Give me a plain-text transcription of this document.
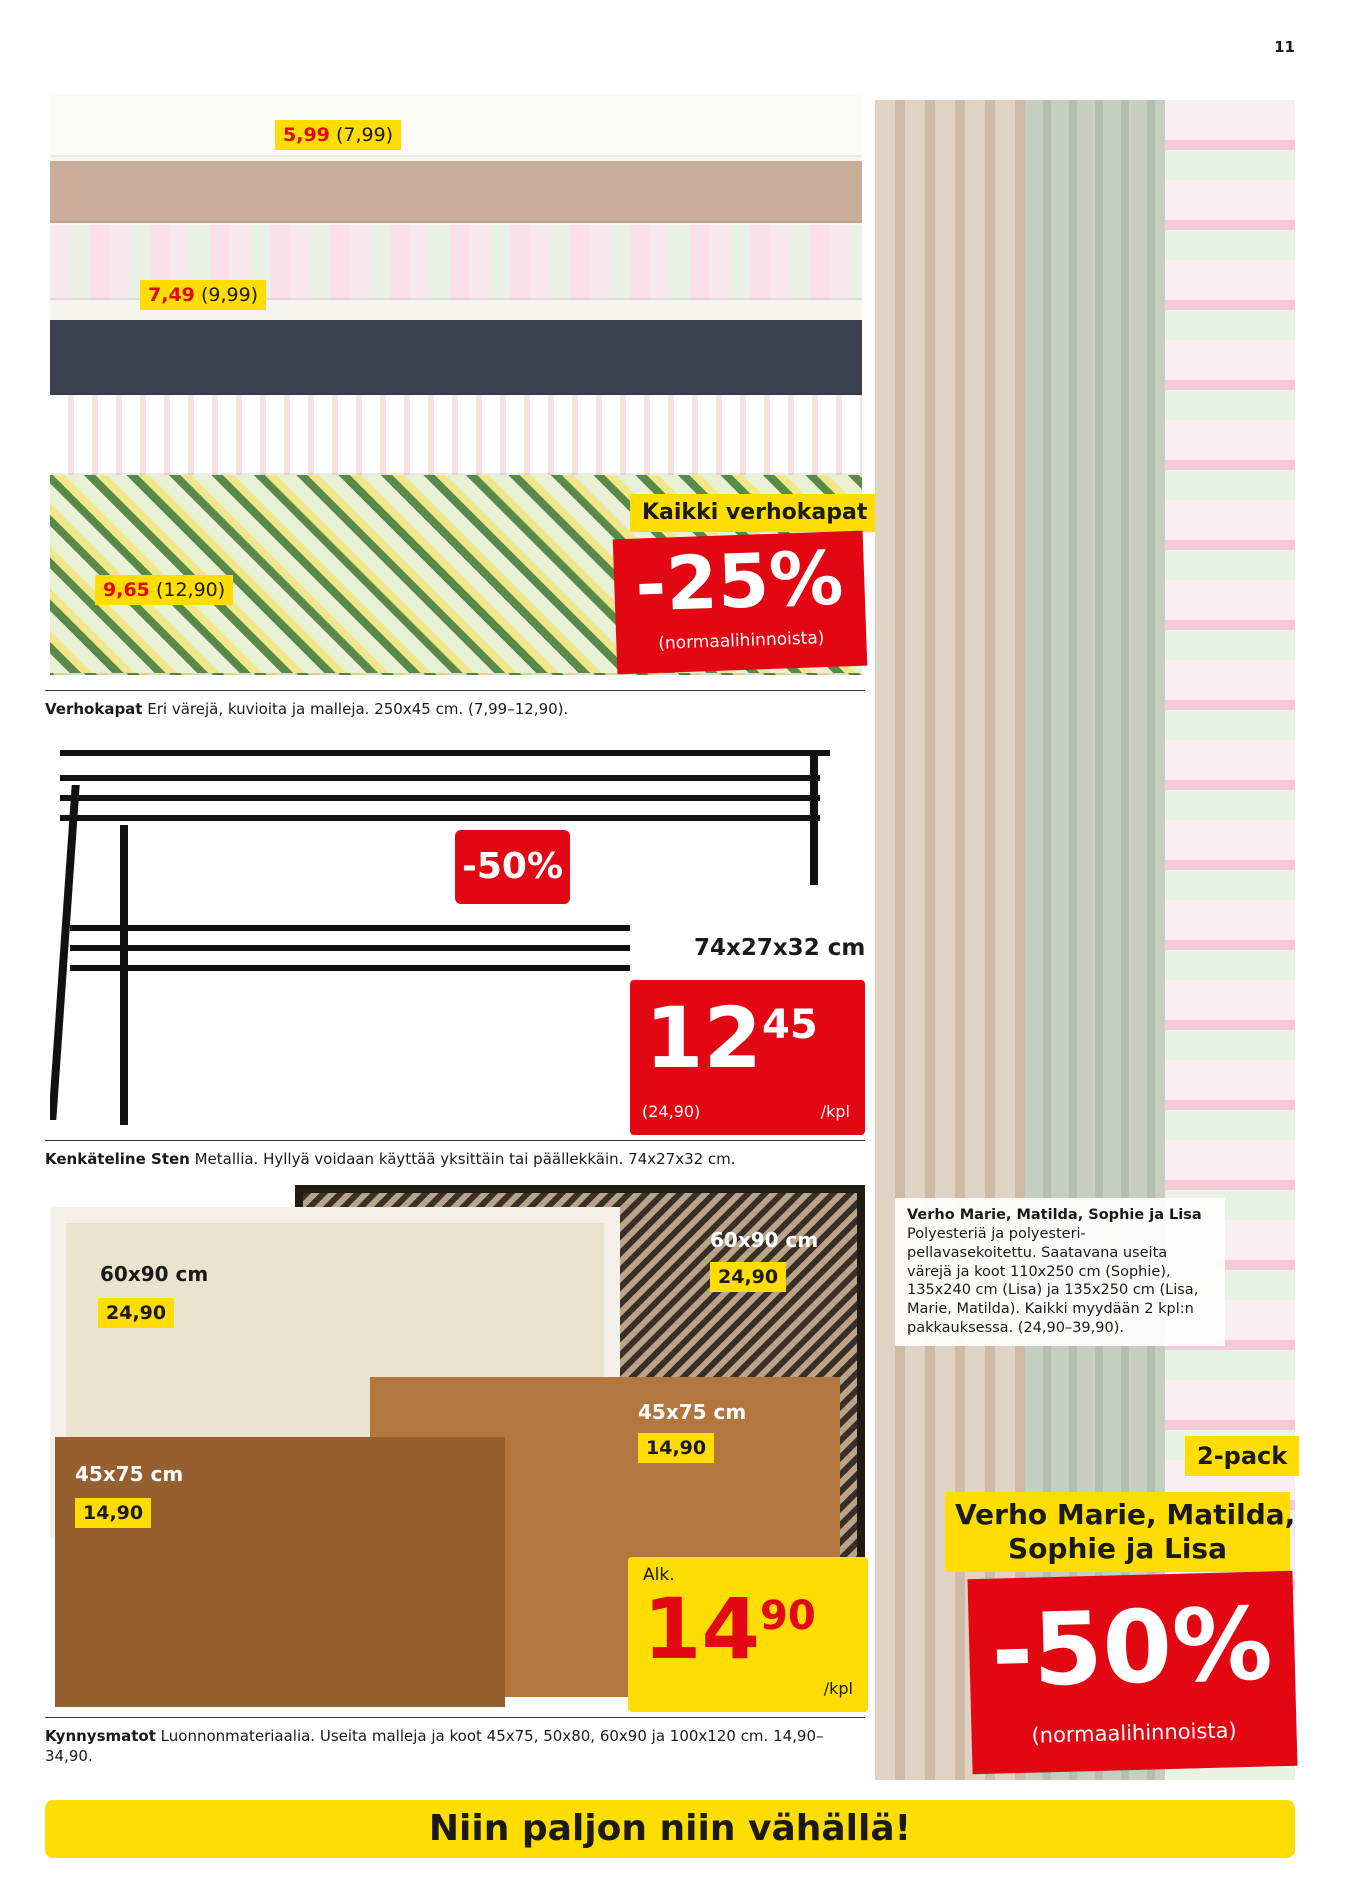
11
5,99 (7,99)
7,49 (9,99)
9,65 (12,90)
Kaikki verhokapat
-25%
(normaalihinnoista)
Verhokapat Eri värejä, kuvioita ja malleja. 250x45 cm. (7,99–12,90).
-50%
74x27x32 cm
12 45
(24,90)	/kpl
Kenkäteline Sten Metallia. Hyllyä voidaan käyttää yksittäin tai päällekkäin. 74x27x32 cm.
60x90 cm
24,90
60x90 cm
24,90
45x75 cm
14,90
45x75 cm
14,90
Alk.
14 90
/kpl
Kynnysmatot Luonnonmateriaalia. Useita malleja ja koot 45x75, 50x80, 60x90 ja 100x120 cm. 14,90–34,90.
Verho Marie, Matilda, Sophie ja Lisa Polyesteriä ja polyesteri-pellavasekoitettu. Saatavana useita värejä ja koot 110x250 cm (Sophie), 135x240 cm (Lisa) ja 135x250 cm (Lisa, Marie, Matilda). Kaikki myydään 2 kpl:n pakkauksessa. (24,90–39,90).
2-pack
Verho Marie, Matilda,
Sophie ja Lisa
-50%
(normaalihinnoista)
Niin paljon niin vähällä!
